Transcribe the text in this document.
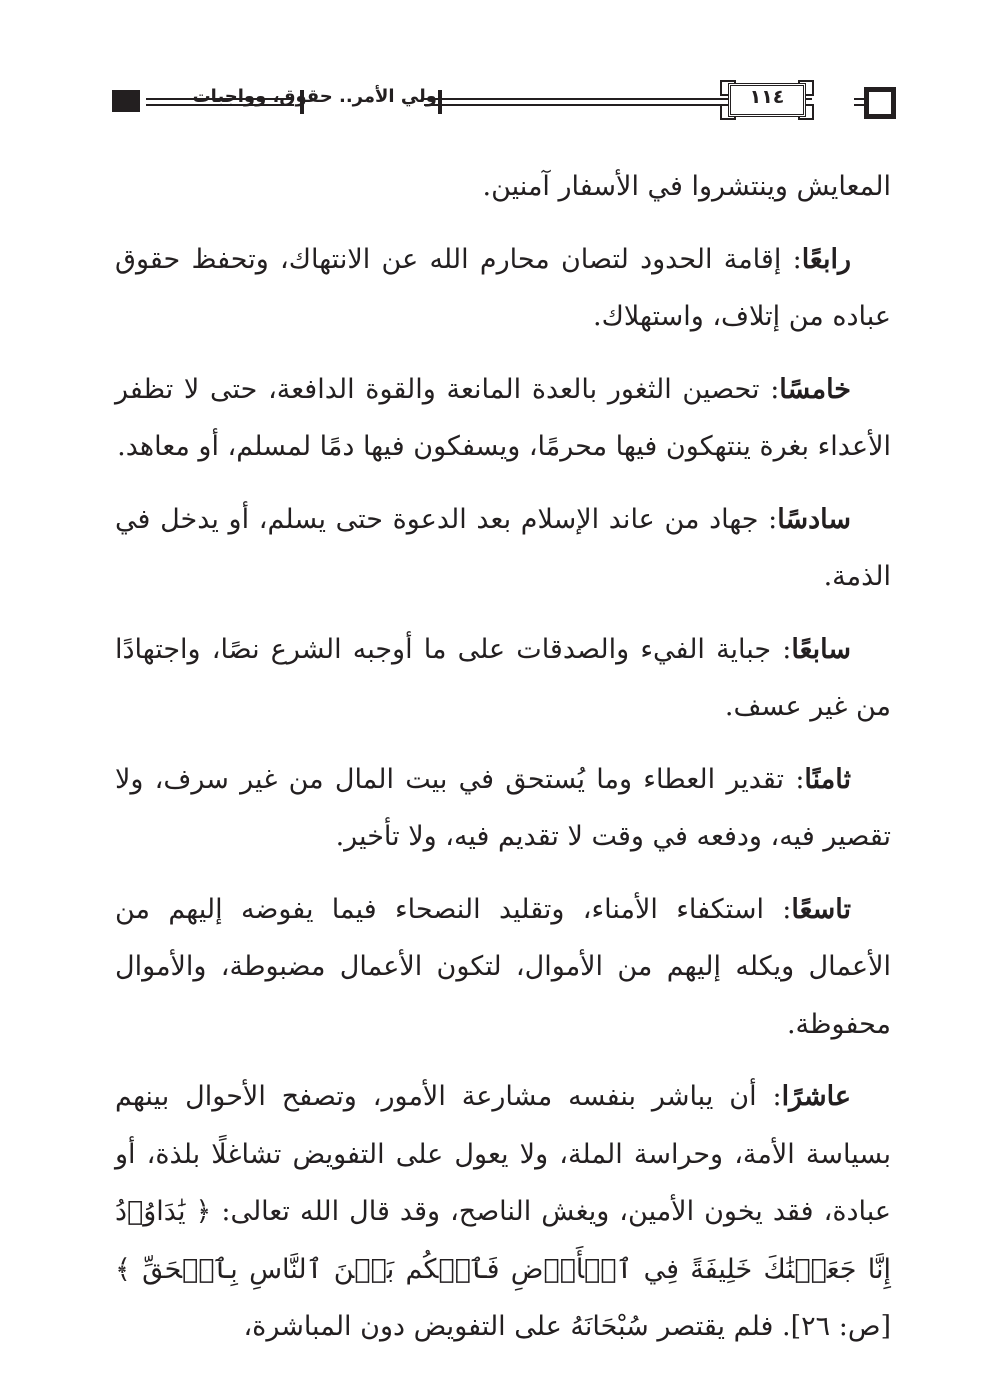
ولي الأمر.. حقوق، وواجبات	١١٤

المعايش وينتشروا في الأسفار آمنين.

رابعًا: إقامة الحدود لتصان محارم الله عن الانتهاك، وتحفظ حقوق عباده من إتلاف، واستهلاك.

خامسًا: تحصين الثغور بالعدة المانعة والقوة الدافعة، حتى لا تظفر الأعداء بغرة ينتهكون فيها محرمًا، ويسفكون فيها دمًا لمسلم، أو معاهد.

سادسًا: جهاد من عاند الإسلام بعد الدعوة حتى يسلم، أو يدخل في الذمة.

سابعًا: جباية الفيء والصدقات على ما أوجبه الشرع نصًا، واجتهادًا من غير عسف.

ثامنًا: تقدير العطاء وما يُستحق في بيت المال من غير سرف، ولا تقصير فيه، ودفعه في وقت لا تقديم فيه، ولا تأخير.

تاسعًا: استكفاء الأمناء، وتقليد النصحاء فيما يفوضه إليهم من الأعمال ويكله إليهم من الأموال، لتكون الأعمال مضبوطة، والأموال محفوظة.

عاشرًا: أن يباشر بنفسه مشارعة الأمور، وتصفح الأحوال بينهم بسياسة الأمة، وحراسة الملة، ولا يعول على التفويض تشاغلًا بلذة، أو عبادة، فقد يخون الأمين، ويغش الناصح، وقد قال الله تعالى: ﴿ يَٰدَاوُۥدُ إِنَّا جَعَلۡنَٰكَ خَلِيفَةً فِي ٱلۡأَرۡضِ فَٱحۡكُم بَيۡنَ ٱلنَّاسِ بِٱلۡحَقِّ ﴾ [ص: ٢٦]. فلم يقتصر سُبْحَانَهُ على التفويض دون المباشرة،
